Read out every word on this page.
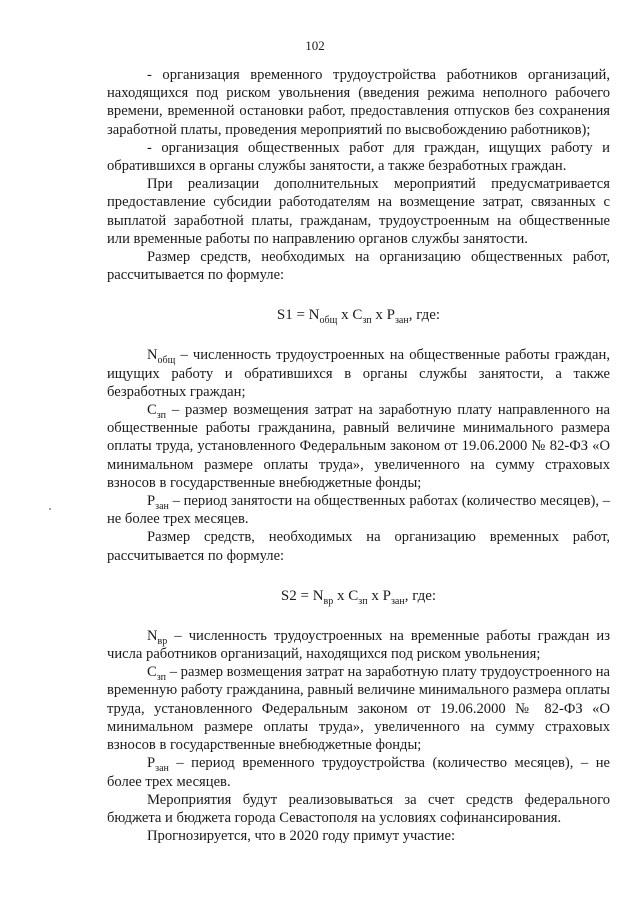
102

- организация временного трудоустройства работников организаций, находящихся под риском увольнения (введения режима неполного рабочего времени, временной остановки работ, предоставления отпусков без сохранения заработной платы, проведения мероприятий по высвобождению работников);

- организация общественных работ для граждан, ищущих работу и обратившихся в органы службы занятости, а также безработных граждан.

При реализации дополнительных мероприятий предусматривается предоставление субсидии работодателям на возмещение затрат, связанных с выплатой заработной платы, гражданам, трудоустроенным на общественные или временные работы по направлению органов службы занятости.

Размер средств, необходимых на организацию общественных работ, рассчитывается по формуле:

$S1 = N_{общ}$ x $C_{зп}$ x $P_{зан}$, где:

$N_{общ}$ – численность трудоустроенных на общественные работы граждан, ищущих работу и обратившихся в органы службы занятости, а также безработных граждан;

$С_{зп}$ – размер возмещения затрат на заработную плату направленного на общественные работы гражданина, равный величине минимального размера оплаты труда, установленного Федеральным законом от 19.06.2000 № 82-ФЗ «О минимальном размере оплаты труда», увеличенного на сумму страховых взносов в государственные внебюджетные фонды;

$Р_{зан}$ – период занятости на общественных работах (количество месяцев), – не более трех месяцев.

Размер средств, необходимых на организацию временных работ, рассчитывается по формуле:

$S2 = N_{вр}$ x $C_{зп}$ x $P_{зан}$, где:

$N_{вр}$ – численность трудоустроенных на временные работы граждан из числа работников организаций, находящихся под риском увольнения;

$С_{зп}$ – размер возмещения затрат на заработную плату трудоустроенного на временную работу гражданина, равный величине минимального размера оплаты труда, установленного Федеральным законом от 19.06.2000 № 82-ФЗ «О минимальном размере оплаты труда», увеличенного на сумму страховых взносов в государственные внебюджетные фонды;

$Р_{зан}$ – период временного трудоустройства (количество месяцев), – не более трех месяцев.

Мероприятия будут реализовываться за счет средств федерального бюджета и бюджета города Севастополя на условиях софинансирования.

Прогнозируется, что в 2020 году примут участие:
